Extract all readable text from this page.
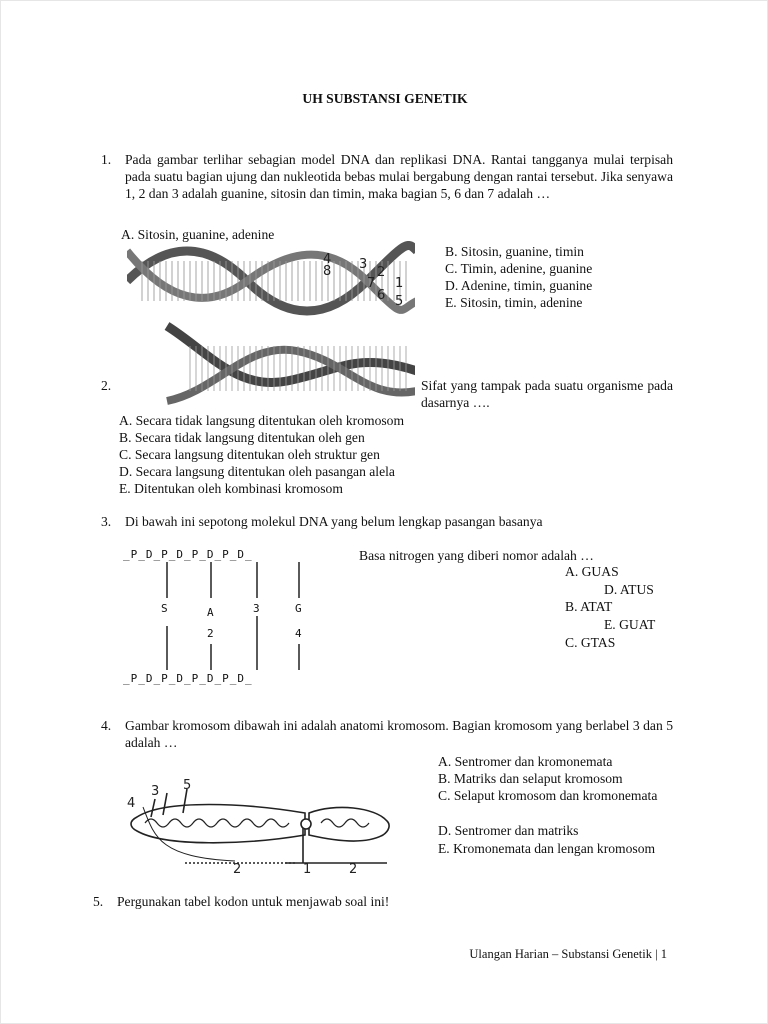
UH SUBSTANSI GENETIK
1. Pada gambar terlihar sebagian model DNA dan replikasi DNA. Rantai tangganya mulai terpisah pada suatu bagian ujung dan nukleotida bebas mulai bergabung dengan rantai tersebut. Jika senyawa 1, 2 dan 3 adalah guanine, sitosin dan timin, maka bagian 5, 6 dan 7 adalah …
A. Sitosin, guanine, adenine
B. Sitosin, guanine, timin
C. Timin, adenine, guanine
D. Adenine, timin, guanine
E. Sitosin, timin, adenine
4
8 3
2
7 1
6 5
2.	Sifat yang tampak pada suatu organisme pada dasarnya ….
A. Secara tidak langsung ditentukan oleh kromosom
B. Secara tidak langsung ditentukan oleh gen
C. Secara langsung ditentukan oleh struktur gen
D. Secara langsung ditentukan oleh pasangan alela
E. Ditentukan oleh kombinasi kromosom
3. Di bawah ini sepotong molekul DNA yang belum lengkap pasangan basanya
Basa nitrogen yang diberi nomor adalah …
A. GUAS
D. ATUS
B. ATAT
E. GUAT
C. GTAS
_P_D_P_D_P_D_P_D_
_P_D_P_D_P_D_P_D_
S	A	3	G
2	4
4. Gambar kromosom dibawah ini adalah anatomi kromosom. Bagian kromosom yang berlabel 3 dan 5 adalah …
A. Sentromer dan kromonemata
B. Matriks dan selaput kromosom
C. Selaput kromosom dan kromonemata
D. Sentromer dan matriks
E. Kromonemata dan lengan kromosom
4
3 5
2	1	2
5. Pergunakan tabel kodon untuk menjawab soal ini!
Ulangan Harian – Substansi Genetik | 1
